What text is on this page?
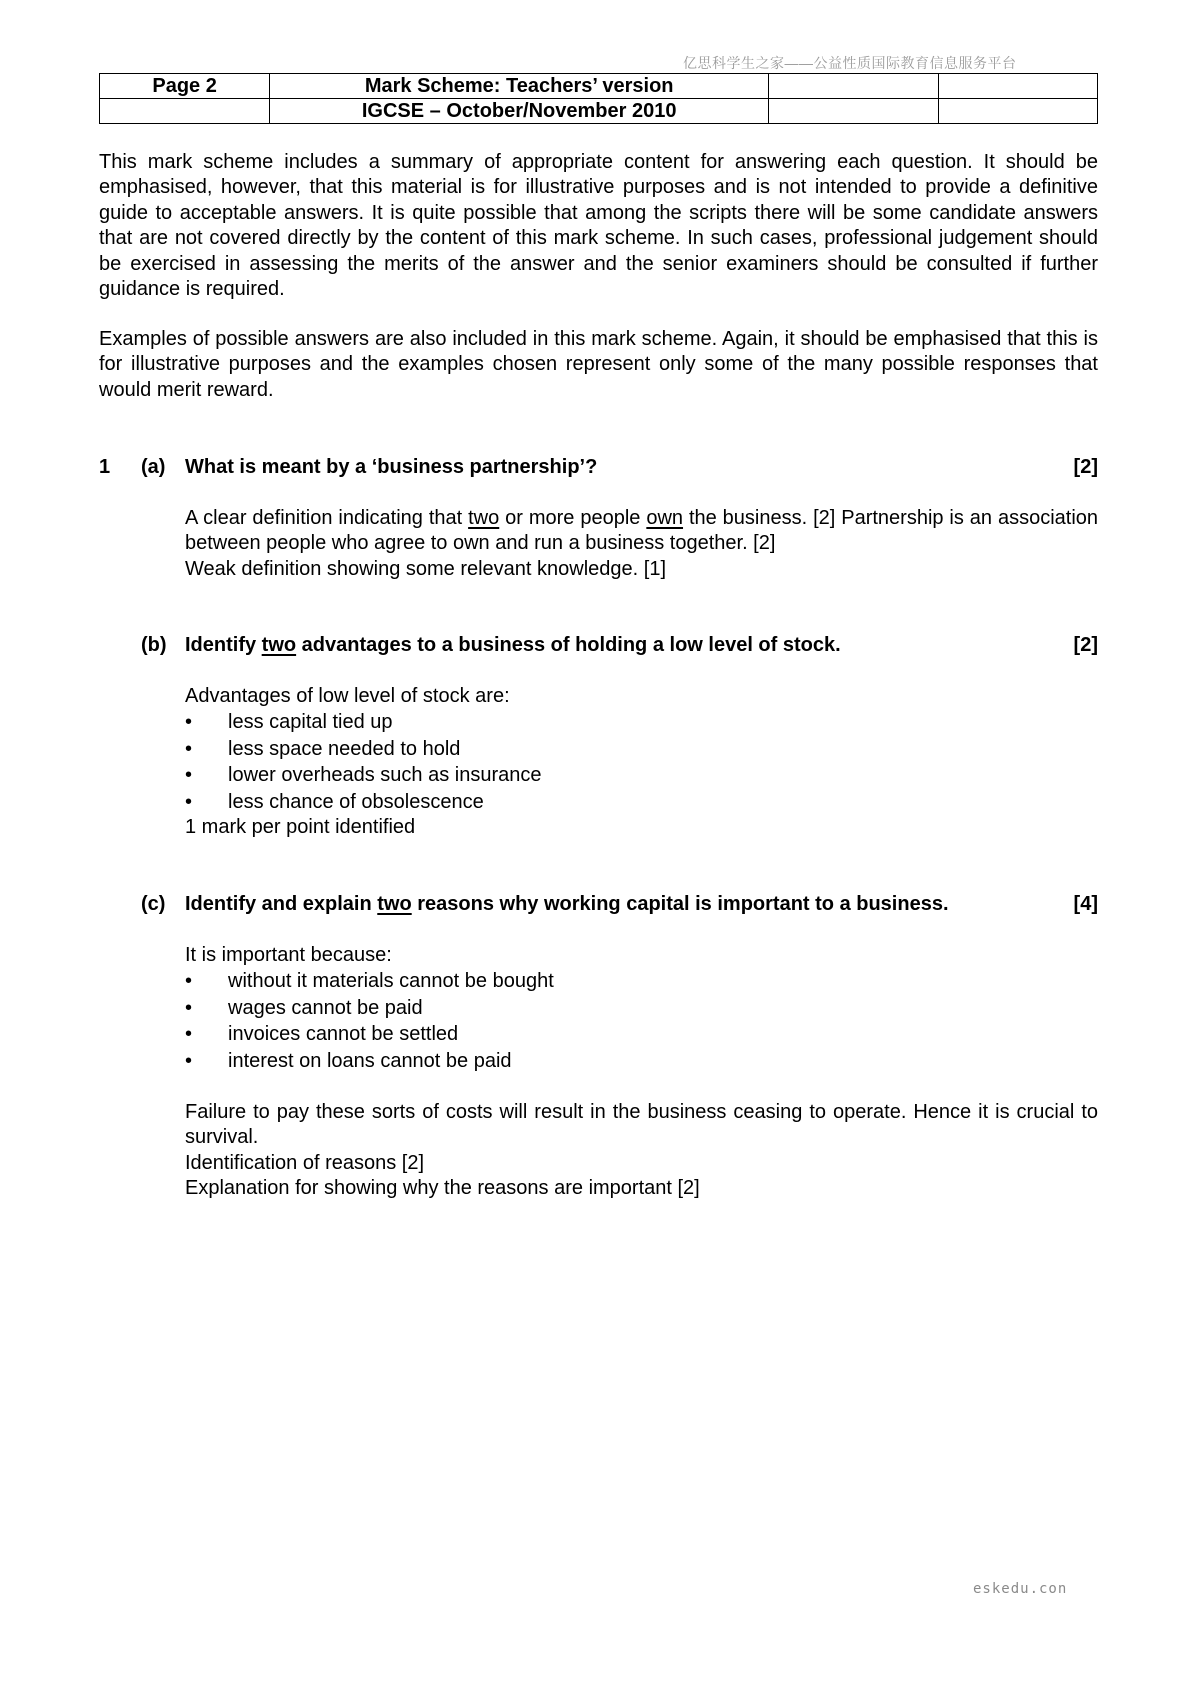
亿思科学生之家——公益性质国际教育信息服务平台
Page 2	Mark Scheme: Teachers’ version		
	IGCSE – October/November 2010		

This mark scheme includes a summary of appropriate content for answering each question. It should be emphasised, however, that this material is for illustrative purposes and is not intended to provide a definitive guide to acceptable answers. It is quite possible that among the scripts there will be some candidate answers that are not covered directly by the content of this mark scheme. In such cases, professional judgement should be exercised in assessing the merits of the answer and the senior examiners should be consulted if further guidance is required.

Examples of possible answers are also included in this mark scheme. Again, it should be emphasised that this is for illustrative purposes and the examples chosen represent only some of the many possible responses that would merit reward.

1 (a) What is meant by a ‘business partnership’?	[2]
A clear definition indicating that two or more people own the business. [2] Partnership is an association between people who agree to own and run a business together. [2]
Weak definition showing some relevant knowledge. [1]
(b) Identify two advantages to a business of holding a low level of stock.	[2]
Advantages of low level of stock are:
• less capital tied up
• less space needed to hold
• lower overheads such as insurance
• less chance of obsolescence
1 mark per point identified
(c) Identify and explain two reasons why working capital is important to a business.	[4]
It is important because:
• without it materials cannot be bought
• wages cannot be paid
• invoices cannot be settled
• interest on loans cannot be paid
Failure to pay these sorts of costs will result in the business ceasing to operate. Hence it is crucial to survival.
Identification of reasons [2]
Explanation for showing why the reasons are important [2]
eskedu.con
